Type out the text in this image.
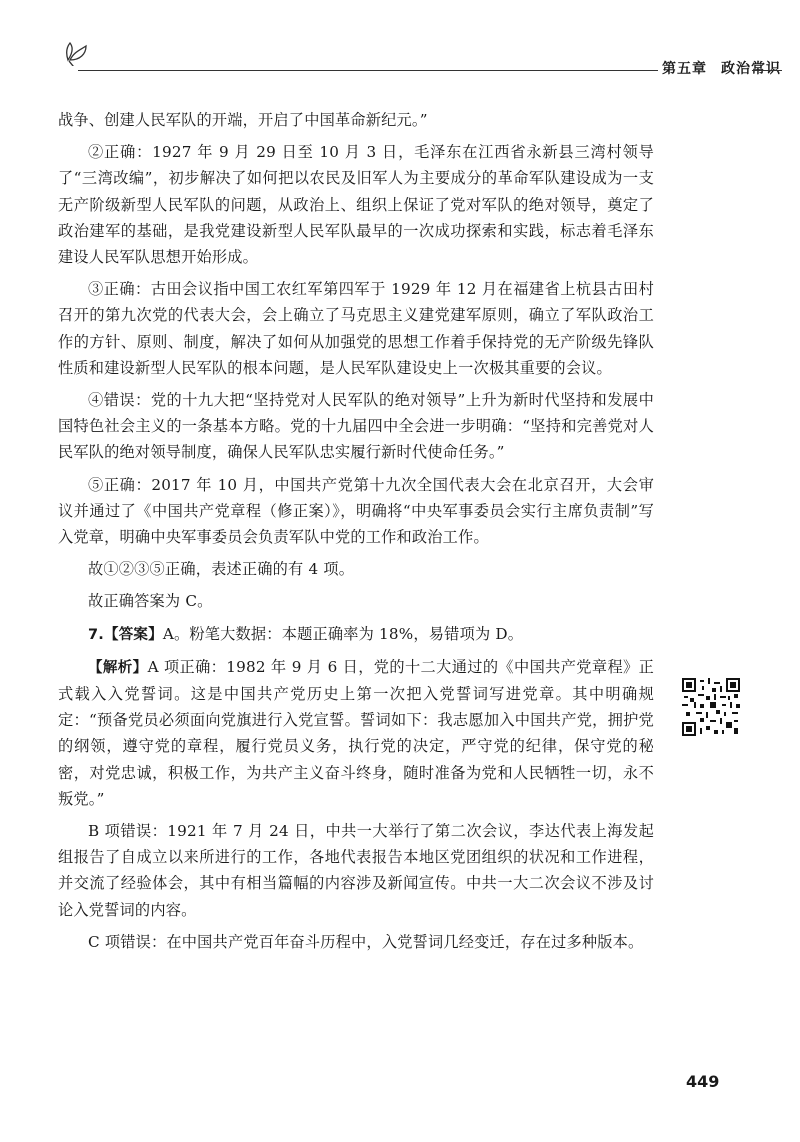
第五章 政治常识

战争、创建人民军队的开端，开启了中国革命新纪元。”

②正确：1927 年 9 月 29 日至 10 月 3 日，毛泽东在江西省永新县三湾村领导了“三湾改编”，初步解决了如何把以农民及旧军人为主要成分的革命军队建设成为一支无产阶级新型人民军队的问题，从政治上、组织上保证了党对军队的绝对领导，奠定了政治建军的基础，是我党建设新型人民军队最早的一次成功探索和实践，标志着毛泽东建设人民军队思想开始形成。

③正确：古田会议指中国工农红军第四军于 1929 年 12 月在福建省上杭县古田村召开的第九次党的代表大会，会上确立了马克思主义建党建军原则，确立了军队政治工作的方针、原则、制度，解决了如何从加强党的思想工作着手保持党的无产阶级先锋队性质和建设新型人民军队的根本问题，是人民军队建设史上一次极其重要的会议。

④错误：党的十九大把“坚持党对人民军队的绝对领导”上升为新时代坚持和发展中国特色社会主义的一条基本方略。党的十九届四中全会进一步明确：“坚持和完善党对人民军队的绝对领导制度，确保人民军队忠实履行新时代使命任务。”

⑤正确：2017 年 10 月，中国共产党第十九次全国代表大会在北京召开，大会审议并通过了《中国共产党章程（修正案）》，明确将“中央军事委员会实行主席负责制”写入党章，明确中央军事委员会负责军队中党的工作和政治工作。

故①②③⑤正确，表述正确的有 4 项。

故正确答案为 C。

7.【答案】A。粉笔大数据：本题正确率为 18%，易错项为 D。

【解析】A 项正确：1982 年 9 月 6 日，党的十二大通过的《中国共产党章程》正式载入入党誓词。这是中国共产党历史上第一次把入党誓词写进党章。其中明确规定：“预备党员必须面向党旗进行入党宣誓。誓词如下：我志愿加入中国共产党，拥护党的纲领，遵守党的章程，履行党员义务，执行党的决定，严守党的纪律，保守党的秘密，对党忠诚，积极工作，为共产主义奋斗终身，随时准备为党和人民牺牲一切，永不叛党。”

B 项错误：1921 年 7 月 24 日，中共一大举行了第二次会议，李达代表上海发起组报告了自成立以来所进行的工作，各地代表报告本地区党团组织的状况和工作进程，并交流了经验体会，其中有相当篇幅的内容涉及新闻宣传。中共一大二次会议不涉及讨论入党誓词的内容。

C 项错误：在中国共产党百年奋斗历程中，入党誓词几经变迁，存在过多种版本。

449
